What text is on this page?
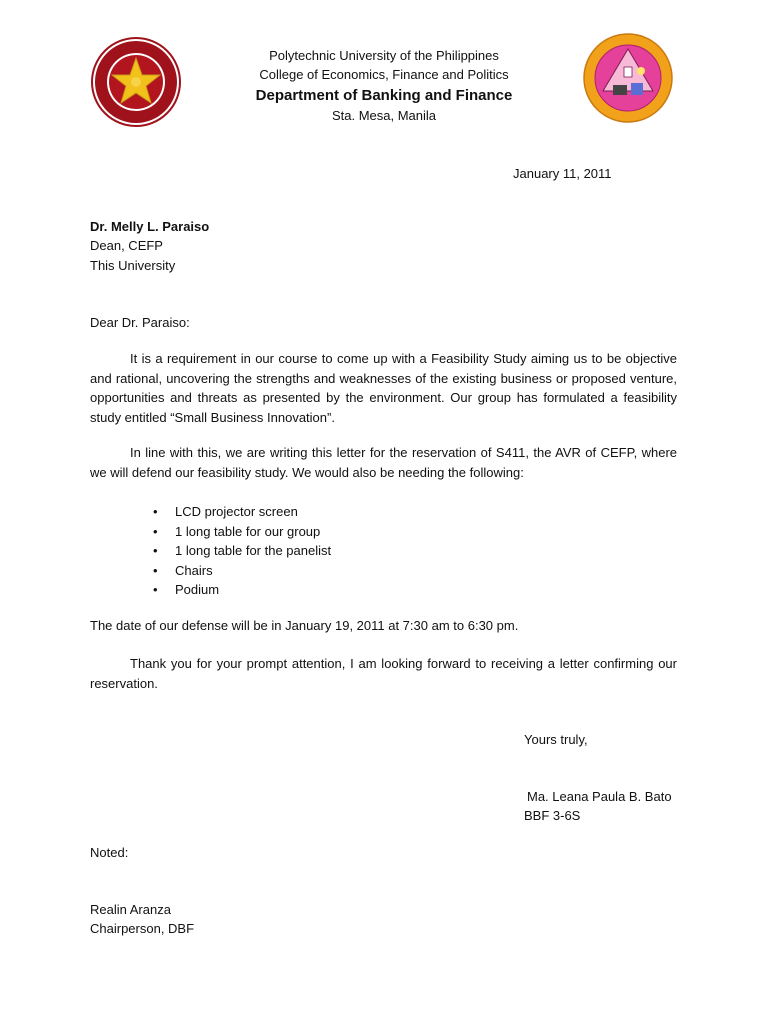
Polytechnic University of the Philippines
College of Economics, Finance and Politics
Department of Banking and Finance
Sta. Mesa, Manila
January 11, 2011
Dr. Melly L. Paraiso
Dean, CEFP
This University
Dear Dr. Paraiso:
It is a requirement in our course to come up with a Feasibility Study aiming us to be objective and rational, uncovering the strengths and weaknesses of the existing business or proposed venture, opportunities and threats as presented by the environment. Our group has formulated a feasibility study entitled “Small Business Innovation”.
In line with this, we are writing this letter for the reservation of S411, the AVR of CEFP, where we will defend our feasibility study. We would also be needing the following:
• LCD projector screen
• 1 long table for our group
• 1 long table for the panelist
• Chairs
• Podium
The date of our defense will be in January 19, 2011 at 7:30 am to 6:30 pm.
Thank you for your prompt attention, I am looking forward to receiving a letter confirming our reservation.
Yours truly,
Ma. Leana Paula B. Bato
BBF 3-6S
Noted:
Realin Aranza
Chairperson, DBF
